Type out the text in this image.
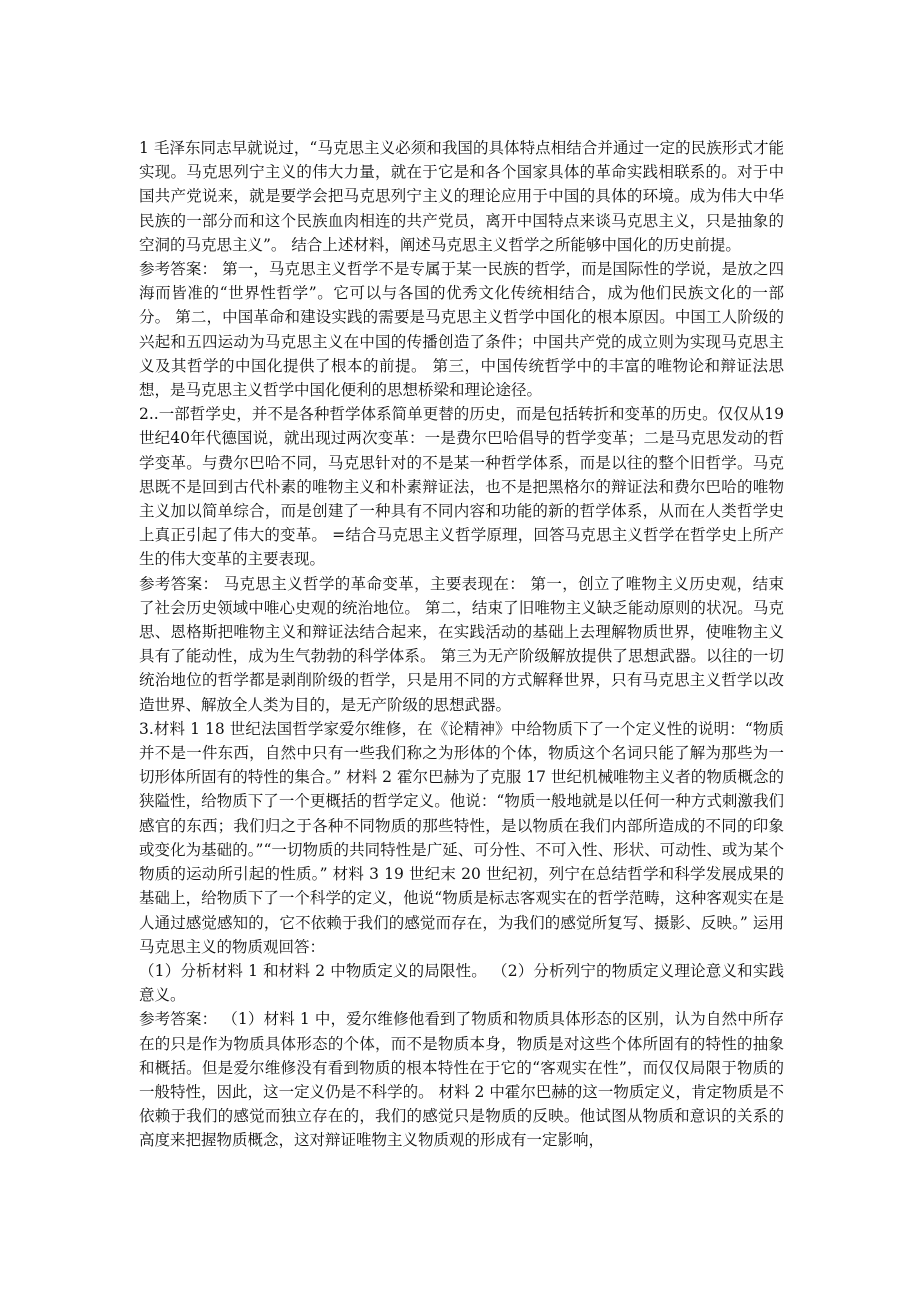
1 毛泽东同志早就说过，“马克思主义必须和我国的具体特点相结合并通过一定的民族形式才能实现。马克思列宁主义的伟大力量，就在于它是和各个国家具体的革命实践相联系的。对于中国共产党说来，就是要学会把马克思列宁主义的理论应用于中国的具体的环境。成为伟大中华民族的一部分而和这个民族血肉相连的共产党员，离开中国特点来谈马克思主义，只是抽象的空洞的马克思主义”。 结合上述材料，阐述马克思主义哲学之所能够中国化的历史前提。

参考答案： 第一，马克思主义哲学不是专属于某一民族的哲学，而是国际性的学说，是放之四海而皆准的“世界性哲学”。它可以与各国的优秀文化传统相结合，成为他们民族文化的一部分。 第二，中国革命和建设实践的需要是马克思主义哲学中国化的根本原因。中国工人阶级的兴起和五四运动为马克思主义在中国的传播创造了条件；中国共产党的成立则为实现马克思主义及其哲学的中国化提供了根本的前提。 第三，中国传统哲学中的丰富的唯物论和辩证法思想，是马克思主义哲学中国化便利的思想桥梁和理论途径。

2..一部哲学史，并不是各种哲学体系简单更替的历史，而是包括转折和变革的历史。仅仅从19世纪40年代德国说，就出现过两次变革：一是费尔巴哈倡导的哲学变革；二是马克思发动的哲学变革。与费尔巴哈不同，马克思针对的不是某一种哲学体系，而是以往的整个旧哲学。马克思既不是回到古代朴素的唯物主义和朴素辩证法，也不是把黑格尔的辩证法和费尔巴哈的唯物主义加以简单综合，而是创建了一种具有不同内容和功能的新的哲学体系，从而在人类哲学史上真正引起了伟大的变革。 =结合马克思主义哲学原理，回答马克思主义哲学在哲学史上所产生的伟大变革的主要表现。

参考答案： 马克思主义哲学的革命变革，主要表现在： 第一，创立了唯物主义历史观，结束了社会历史领域中唯心史观的统治地位。 第二，结束了旧唯物主义缺乏能动原则的状况。马克思、恩格斯把唯物主义和辩证法结合起来，在实践活动的基础上去理解物质世界，使唯物主义具有了能动性，成为生气勃勃的科学体系。 第三为无产阶级解放提供了思想武器。以往的一切统治地位的哲学都是剥削阶级的哲学，只是用不同的方式解释世界，只有马克思主义哲学以改造世界、解放全人类为目的，是无产阶级的思想武器。

3.材料 1 18 世纪法国哲学家爱尔维修，在《论精神》中给物质下了一个定义性的说明：“物质并不是一件东西，自然中只有一些我们称之为形体的个体，物质这个名词只能了解为那些为一切形体所固有的特性的集合。” 材料 2 霍尔巴赫为了克服 17 世纪机械唯物主义者的物质概念的狭隘性，给物质下了一个更概括的哲学定义。他说：“物质一般地就是以任何一种方式刺激我们感官的东西；我们归之于各种不同物质的那些特性，是以物质在我们内部所造成的不同的印象或变化为基础的。”“一切物质的共同特性是广延、可分性、不可入性、形状、可动性、或为某个物质的运动所引起的性质。” 材料 3 19 世纪末 20 世纪初，列宁在总结哲学和科学发展成果的基础上，给物质下了一个科学的定义，他说“物质是标志客观实在的哲学范畴，这种客观实在是人通过感觉感知的，它不依赖于我们的感觉而存在，为我们的感觉所复写、摄影、反映。” 运用马克思主义的物质观回答：

（1）分析材料 1 和材料 2 中物质定义的局限性。 （2）分析列宁的物质定义理论意义和实践意义。

参考答案： （1）材料 1 中，爱尔维修他看到了物质和物质具体形态的区别，认为自然中所存在的只是作为物质具体形态的个体，而不是物质本身，物质是对这些个体所固有的特性的抽象和概括。但是爱尔维修没有看到物质的根本特性在于它的“客观实在性”，而仅仅局限于物质的一般特性，因此，这一定义仍是不科学的。 材料 2 中霍尔巴赫的这一物质定义，肯定物质是不依赖于我们的感觉而独立存在的，我们的感觉只是物质的反映。他试图从物质和意识的关系的高度来把握物质概念，这对辩证唯物主义物质观的形成有一定影响，
